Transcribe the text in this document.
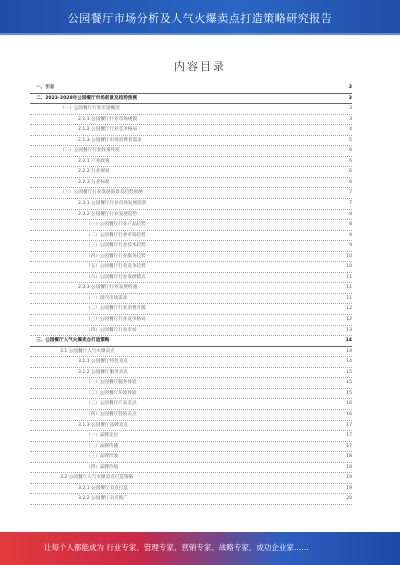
公园餐厅市场分析及人气火爆卖点打造策略研究报告
内容目录
一、引言	3
二、2023-2028年公园餐厅市场前景及趋势预测	3
（一）公园餐厅行业市场概况	3
2.1.1 公园餐厅行业市场规模	3
2.1.2 公园餐厅行业竞争格局	4
2.1.3 公园餐厅市场消费者需求	5
（二）公园餐厅行业政策环境	6
2.2.1 产业政策	6
2.2.2 行业规划	6
2.2.3 行业标准	6
（三）公园餐厅行业发展前景及趋势预测	7
2.3.1 公园餐厅行业市场发展前景	7
2.3.2 公园餐厅行业发展趋势	8
（一）公园餐厅行业产品趋势	8
（二）公园餐厅行业市场趋势	9
（三）公园餐厅行业技术趋势	9
（四）公园餐厅行业服务趋势	10
（五）公园餐厅行业竞争趋势	10
（六）公园餐厅行业发展模式	11
2.3.3 公园餐厅行业发展机遇	11
（一）国内市场需求	11
（二）公园餐厅行业消费升级	12
（三）公园餐厅行业竞争格局	12
（四）公园餐厅行业市场	13
三、公园餐厅人气火爆卖点打造策略	14
3.1 公园餐厅人气火爆卖点	14
3.1.1 公园餐厅特色卖点	14
3.1.2 公园餐厅服务卖点	15
（一）公园餐厅服务体验	15
（二）公园餐厅环境体验	15
（三）公园餐厅产品卖点	16
（四）公园餐厅营销卖点	16
3.1.3 公园餐厅品牌卖点	17
（一）品牌定位	17
（二）品牌传播	17
（三）品牌形象	18
（四）品牌价值	18
3.2 公园餐厅人气火爆卖点打造策略	19
3.2.1 公园餐厅卖点打造	19
3.2.2 公园餐厅卖点推广	20
让每个人都能成为 行业专家、管理专家、营销专家、战略专家、成功企业家……
